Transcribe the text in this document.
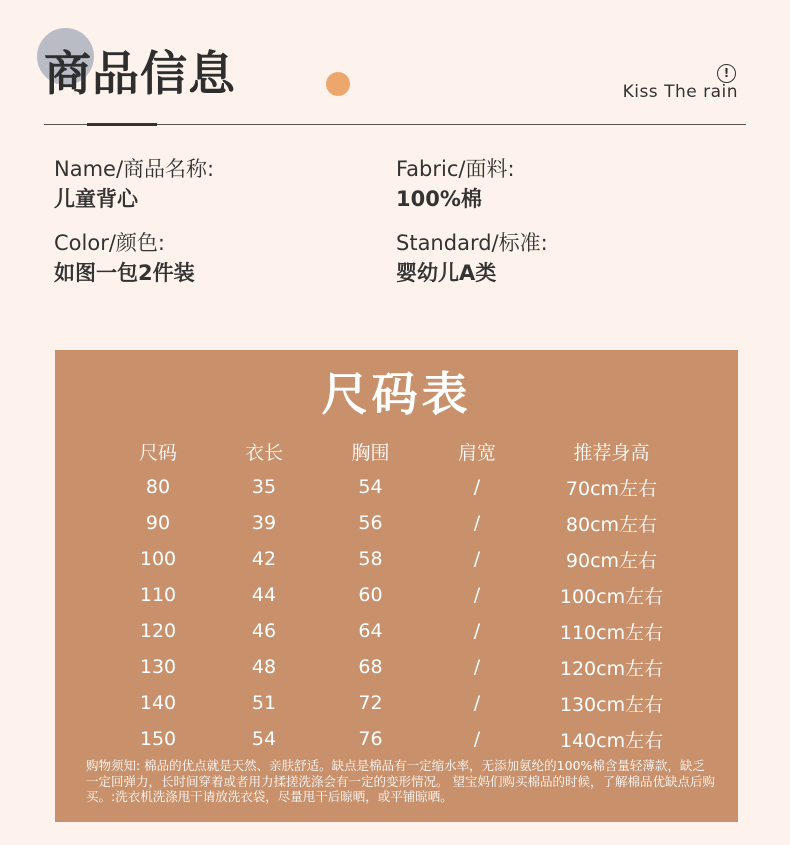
商品信息	!
Kiss The rain
Name/商品名称:
儿童背心
Fabric/面料:
100%棉
Color/颜色:
如图一包2件装
Standard/标准:
婴幼儿A类
尺码表
尺码	衣长	胸围	肩宽	推荐身高
80	35	54	/	70cm左右
90	39	56	/	80cm左右
100	42	58	/	90cm左右
110	44	60	/	100cm左右
120	46	64	/	110cm左右
130	48	68	/	120cm左右
140	51	72	/	130cm左右
150	54	76	/	140cm左右
购物须知: 棉品的优点就是天然、亲肤舒适。缺点是棉品有一定缩水率，无添加氨纶的100%棉含量轻薄款，缺乏一定回弹力，长时间穿着或者用力揉搓洗涤会有一定的变形情况。 望宝妈们购买棉品的时候，了解棉品优缺点后购买。:洗衣机洗涤甩干请放洗衣袋，尽量甩干后晾晒，或平铺晾晒。
